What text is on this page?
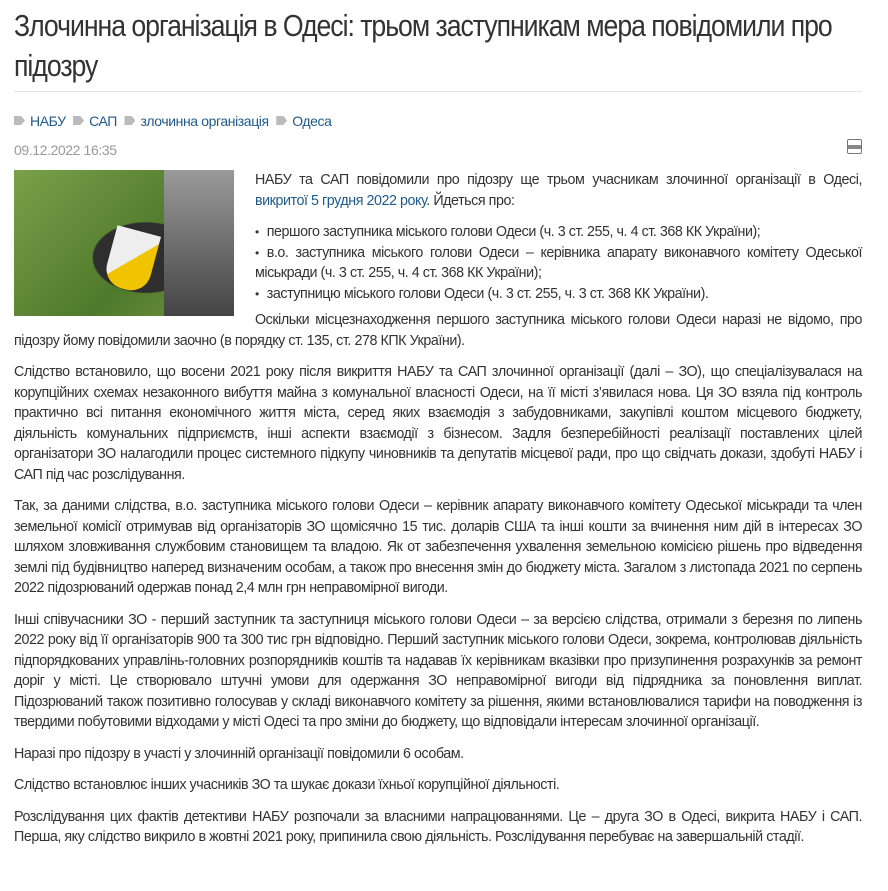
Злочинна організація в Одесі: трьом заступникам мера повідомили про підозру
НАБУ
САП
злочинна організація
Одеса
09.12.2022 16:35

НАБУ та САП повідомили про підозру ще трьом учасникам злочинної організації в Одесі, викритої 5 грудня 2022 року. Йдеться про:

• першого заступника міського голови Одеси (ч. 3 ст. 255, ч. 4 ст. 368 КК України);
• в.о. заступника міського голови Одеси – керівника апарату виконавчого комітету Одеської міськради (ч. 3 ст. 255, ч. 4 ст. 368 КК України);
• заступницю міського голови Одеси (ч. 3 ст. 255, ч. 3 ст. 368 КК України).

Оскільки місцезнаходження першого заступника міського голови Одеси наразі не відомо, про підозру йому повідомили заочно (в порядку ст. 135, ст. 278 КПК України).

Слідство встановило, що восени 2021 року після викриття НАБУ та САП злочинної організації (далі – ЗО), що спеціалізувалася на корупційних схемах незаконного вибуття майна з комунальної власності Одеси, на її місті з’явилася нова. Ця ЗО взяла під контроль практично всі питання економічного життя міста, серед яких взаємодія з забудовниками, закупівлі коштом місцевого бюджету, діяльність комунальних підприємств, інші аспекти взаємодії з бізнесом. Задля безперебійності реалізації поставлених цілей організатори ЗО налагодили процес системного підкупу чиновників та депутатів місцевої ради, про що свідчать докази, здобуті НАБУ і САП під час розслідування.

Так, за даними слідства, в.о. заступника міського голови Одеси – керівник апарату виконавчого комітету Одеської міськради та член земельної комісії отримував від організаторів ЗО щомісячно 15 тис. доларів США та інші кошти за вчинення ним дій в інтересах ЗО шляхом зловживання службовим становищем та владою. Як от забезпечення ухвалення земельною комісією рішень про відведення землі під будівництво наперед визначеним особам, а також про внесення змін до бюджету міста. Загалом з листопада 2021 по серпень 2022 підозрюваний одержав понад 2,4 млн грн неправомірної вигоди.

Інші співучасники ЗО - перший заступник та заступниця міського голови Одеси – за версією слідства, отримали з березня по липень 2022 року від її організаторів 900 та 300 тис грн відповідно. Перший заступник міського голови Одеси, зокрема, контролював діяльність підпорядкованих управлінь-головних розпорядників коштів та надавав їх керівникам вказівки про призупинення розрахунків за ремонт доріг у місті. Це створювало штучні умови для одержання ЗО неправомірної вигоди від підрядника за поновлення виплат. Підозрюваний також позитивно голосував у складі виконавчого комітету за рішення, якими встановлювалися тарифи на поводження із твердими побутовими відходами у місті Одесі та про зміни до бюджету, що відповідали інтересам злочинної організації.

Наразі про підозру в участі у злочинній організації повідомили 6 особам.

Слідство встановлює інших учасників ЗО та шукає докази їхньої корупційної діяльності.

Розслідування цих фактів детективи НАБУ розпочали за власними напрацюваннями. Це – друга ЗО в Одесі, викрита НАБУ і САП. Перша, яку слідство викрило в жовтні 2021 року, припинила свою діяльність. Розслідування перебуває на завершальній стадії.
